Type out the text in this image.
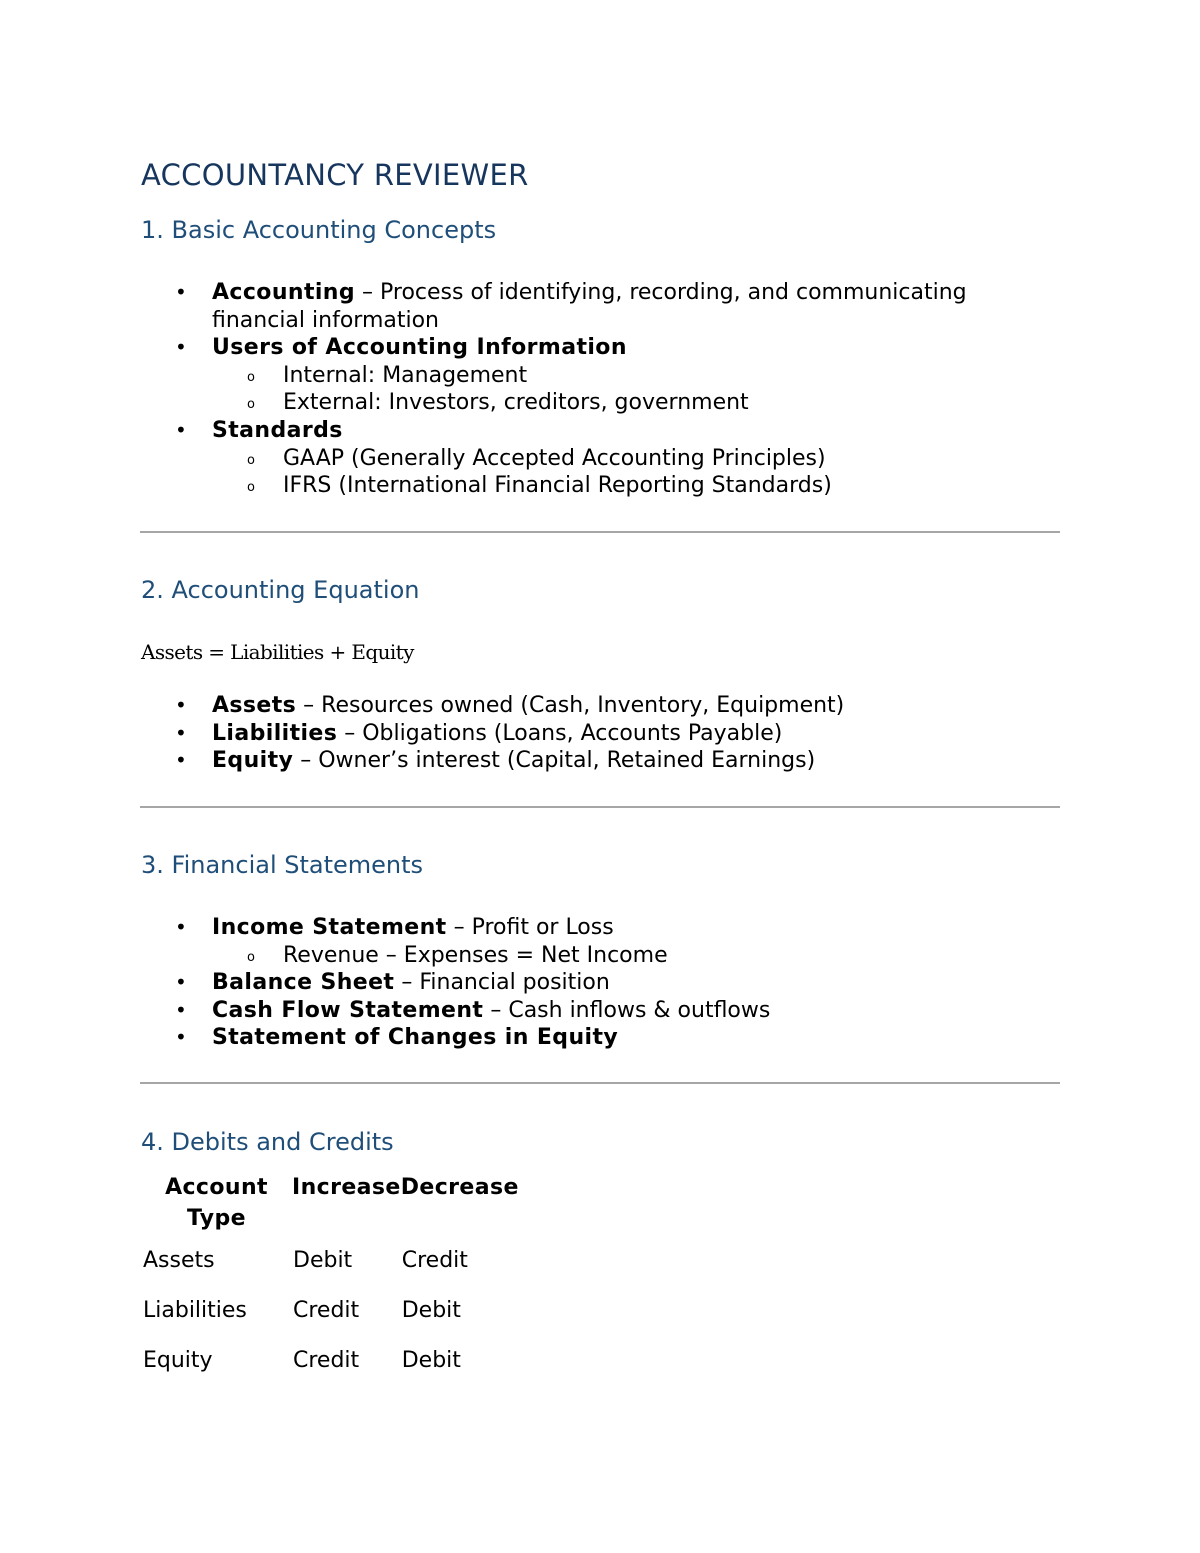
ACCOUNTANCY REVIEWER
1. Basic Accounting Concepts
• Accounting – Process of identifying, recording, and communicating financial information
• Users of Accounting Information
o Internal: Management
o External: Investors, creditors, government
• Standards
o GAAP (Generally Accepted Accounting Principles)
o IFRS (International Financial Reporting Standards)
2. Accounting Equation
Assets = Liabilities + Equity
• Assets – Resources owned (Cash, Inventory, Equipment)
• Liabilities – Obligations (Loans, Accounts Payable)
• Equity – Owner’s interest (Capital, Retained Earnings)
3. Financial Statements
• Income Statement – Profit or Loss
o Revenue – Expenses = Net Income
• Balance Sheet – Financial position
• Cash Flow Statement – Cash inflows & outflows
• Statement of Changes in Equity
4. Debits and Credits
Account Type	Increase	Decrease
Assets	Debit	Credit
Liabilities	Credit	Debit
Equity	Credit	Debit
